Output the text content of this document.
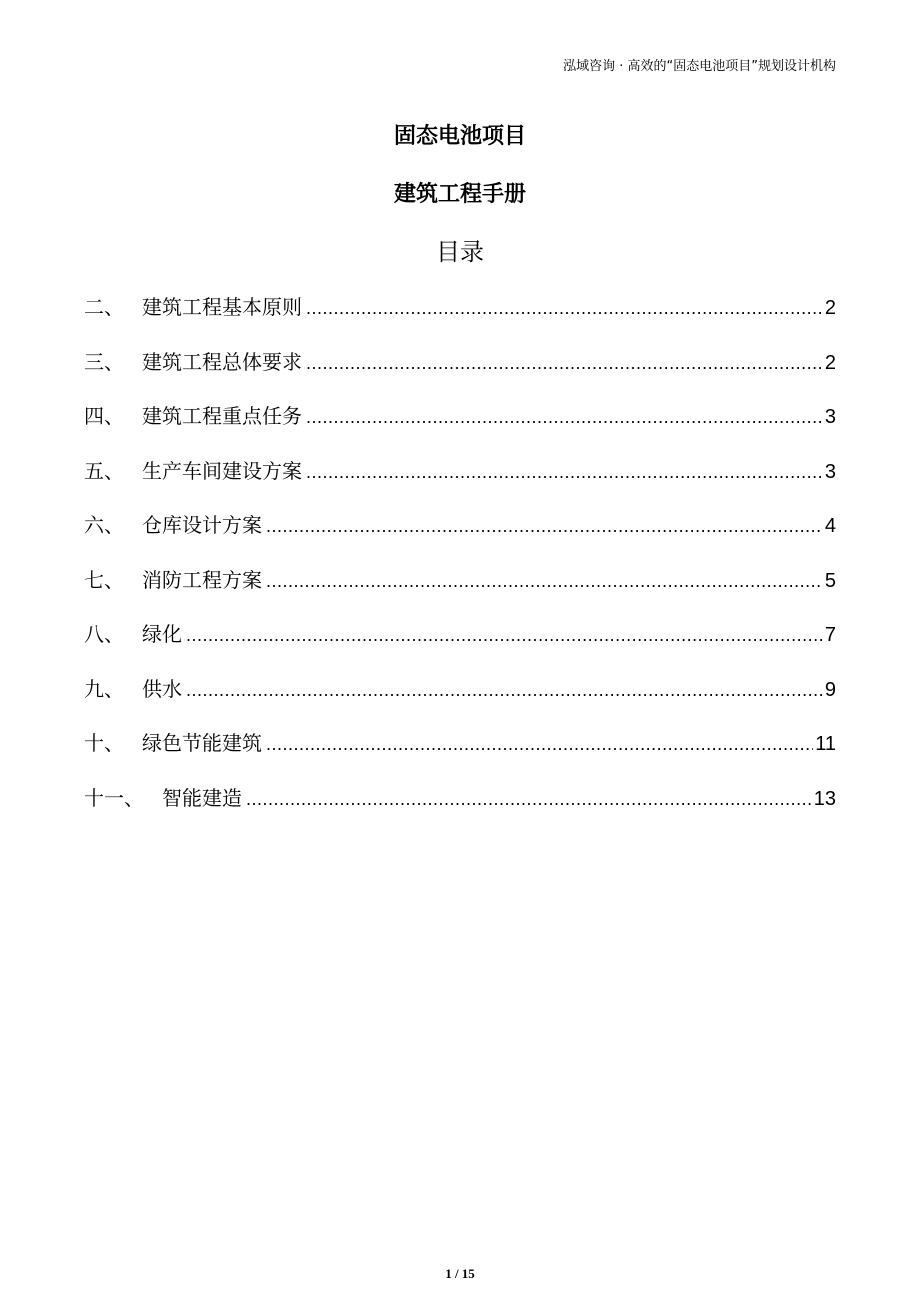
泓域咨询 · 高效的“固态电池项目”规划设计机构
固态电池项目
建筑工程手册
目录
二、 建筑工程基本原则 .....	2
三、 建筑工程总体要求 .....	2
四、 建筑工程重点任务 .....	3
五、 生产车间建设方案 .....	3
六、 仓库设计方案 .....	4
七、 消防工程方案 .....	5
八、 绿化 .....	7
九、 供水 .....	9
十、 绿色节能建筑 .....	11
十一、 智能建造 .....	13
1 / 15
